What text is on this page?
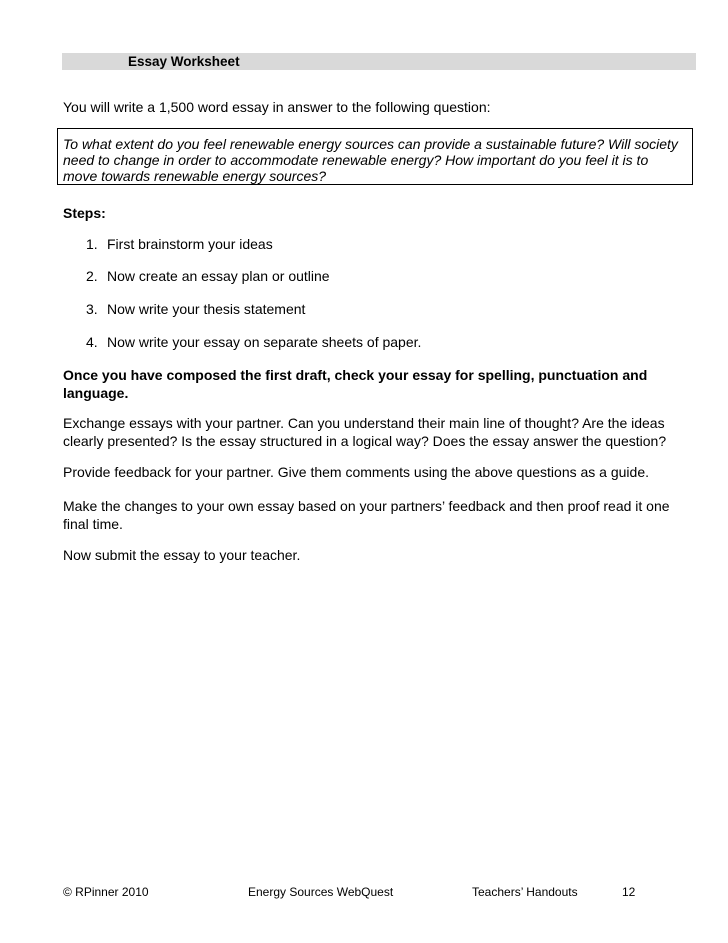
Essay Worksheet
You will write a 1,500 word essay in answer to the following question:
To what extent do you feel renewable energy sources can provide a sustainable future? Will society
need to change in order to accommodate renewable energy? How important do you feel it is to
move towards renewable energy sources?
Steps:
1. First brainstorm your ideas
2. Now create an essay plan or outline
3. Now write your thesis statement
4. Now write your essay on separate sheets of paper.
Once you have composed the first draft, check your essay for spelling, punctuation and
language.
Exchange essays with your partner. Can you understand their main line of thought? Are the ideas
clearly presented? Is the essay structured in a logical way? Does the essay answer the question?
Provide feedback for your partner. Give them comments using the above questions as a guide.
Make the changes to your own essay based on your partners’ feedback and then proof read it one
final time.
Now submit the essay to your teacher.
© RPinner 2010	Energy Sources WebQuest	Teachers’ Handouts	12
